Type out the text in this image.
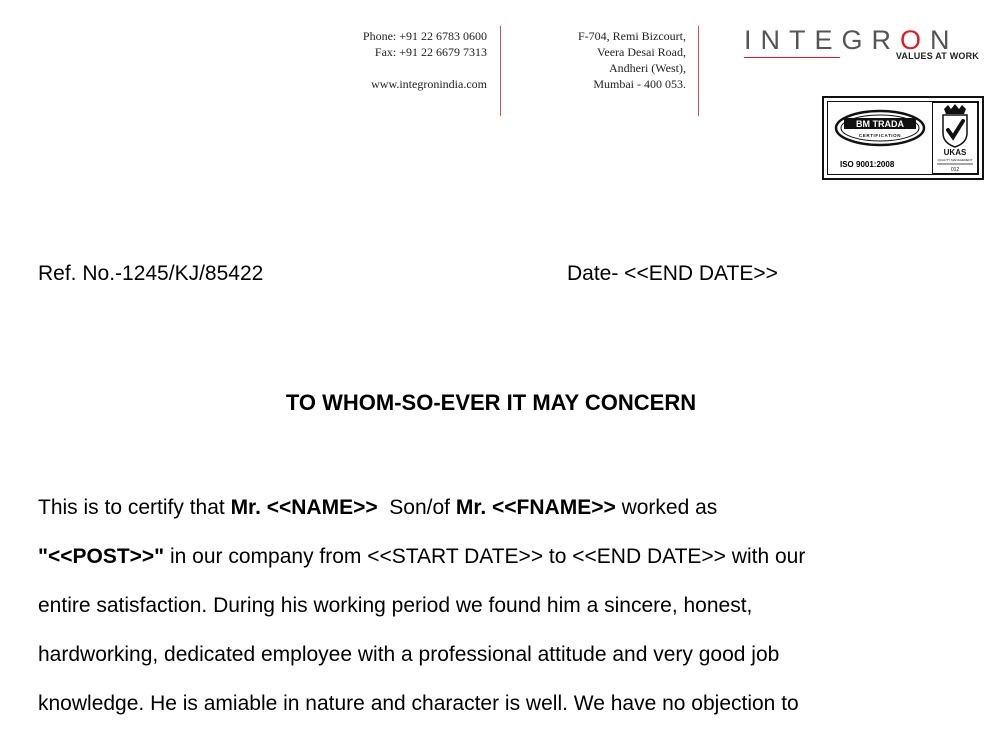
Phone: +91 22 6783 0600
Fax: +91 22 6679 7313
www.integronindia.com
F-704, Remi Bizcourt,
Veera Desai Road,
Andheri (West),
Mumbai - 400 053.
INTEGRON
VALUES AT WORK
BM TRADA
CERTIFICATION
ISO 9001:2008
UKAS
QUALITY MANAGEMENT
012
Ref. No.-1245/KJ/85422	Date- <<END DATE>>
TO WHOM-SO-EVER IT MAY CONCERN
This is to certify that Mr. <<NAME>>  Son/of Mr. <<FNAME>> worked as
"<<POST>>" in our company from <<START DATE>> to <<END DATE>> with our
entire satisfaction. During his working period we found him a sincere, honest,
hardworking, dedicated employee with a professional attitude and very good job
knowledge. He is amiable in nature and character is well. We have no objection to
